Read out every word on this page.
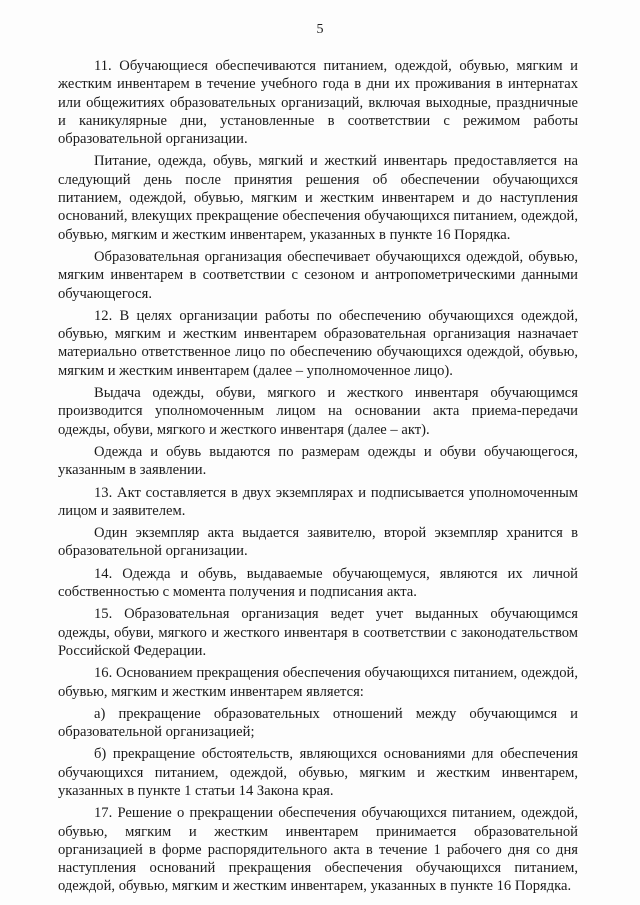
5

11. Обучающиеся обеспечиваются питанием, одеждой, обувью, мягким и жестким инвентарем в течение учебного года в дни их проживания в интернатах или общежитиях образовательных организаций, включая выходные, праздничные и каникулярные дни, установленные в соответствии с режимом работы образовательной организации.

Питание, одежда, обувь, мягкий и жесткий инвентарь предоставляется на следующий день после принятия решения об обеспечении обучающихся питанием, одеждой, обувью, мягким и жестким инвентарем и до наступления оснований, влекущих прекращение обеспечения обучающихся питанием, одеждой, обувью, мягким и жестким инвентарем, указанных в пункте 16 Порядка.

Образовательная организация обеспечивает обучающихся одеждой, обувью, мягким инвентарем в соответствии с сезоном и антропометрическими данными обучающегося.

12. В целях организации работы по обеспечению обучающихся одеждой, обувью, мягким и жестким инвентарем образовательная организация назначает материально ответственное лицо по обеспечению обучающихся одеждой, обувью, мягким и жестким инвентарем (далее – уполномоченное лицо).

Выдача одежды, обуви, мягкого и жесткого инвентаря обучающимся производится уполномоченным лицом на основании акта приема-передачи одежды, обуви, мягкого и жесткого инвентаря (далее – акт).

Одежда и обувь выдаются по размерам одежды и обуви обучающегося, указанным в заявлении.

13. Акт составляется в двух экземплярах и подписывается уполномоченным лицом и заявителем.

Один экземпляр акта выдается заявителю, второй экземпляр хранится в образовательной организации.

14. Одежда и обувь, выдаваемые обучающемуся, являются их личной собственностью с момента получения и подписания акта.

15. Образовательная организация ведет учет выданных обучающимся одежды, обуви, мягкого и жесткого инвентаря в соответствии с законодательством Российской Федерации.

16. Основанием прекращения обеспечения обучающихся питанием, одеждой, обувью, мягким и жестким инвентарем является:

а) прекращение образовательных отношений между обучающимся и образовательной организацией;

б) прекращение обстоятельств, являющихся основаниями для обеспечения обучающихся питанием, одеждой, обувью, мягким и жестким инвентарем, указанных в пункте 1 статьи 14 Закона края.

17. Решение о прекращении обеспечения обучающихся питанием, одеждой, обувью, мягким и жестким инвентарем принимается образовательной организацией в форме распорядительного акта в течение 1 рабочего дня со дня наступления оснований прекращения обеспечения обучающихся питанием, одеждой, обувью, мягким и жестким инвентарем, указанных в пункте 16 Порядка.
